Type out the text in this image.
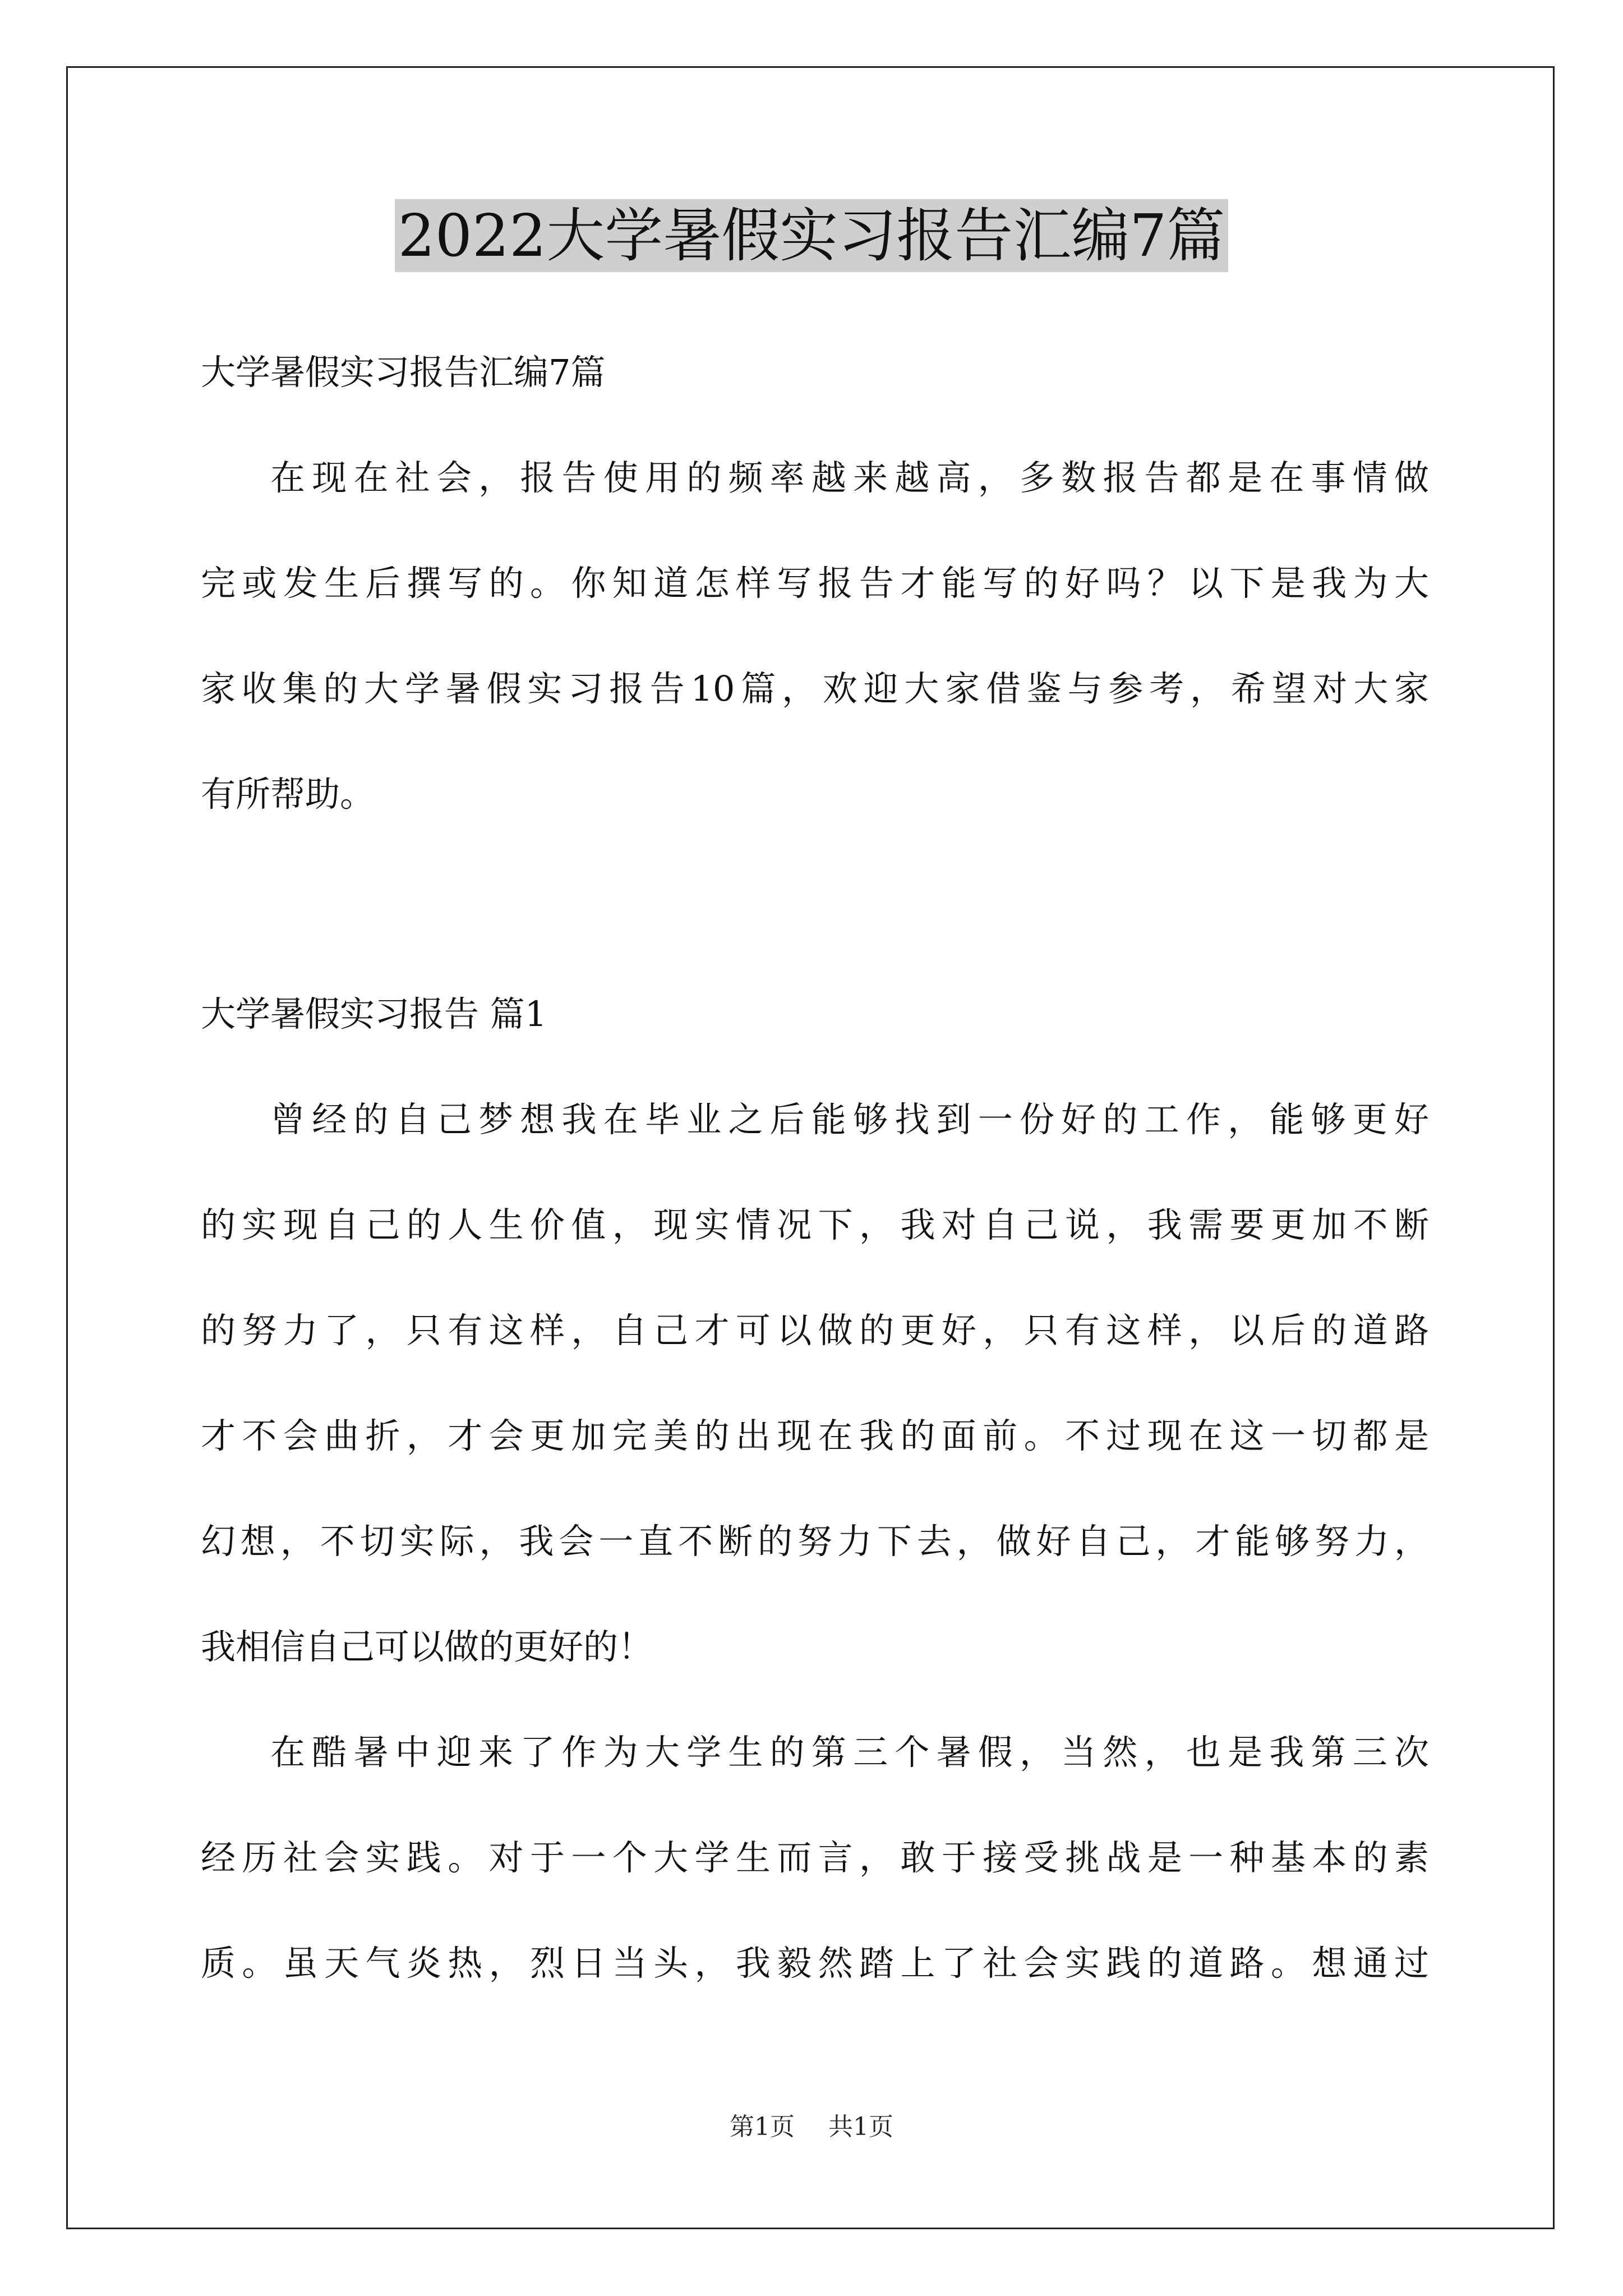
2022大学暑假实习报告汇编7篇
大学暑假实习报告汇编7篇
在现在社会，报告使用的频率越来越高，多数报告都是在事情做
完或发生后撰写的。你知道怎样写报告才能写的好吗？以下是我为大
家收集的大学暑假实习报告10篇，欢迎大家借鉴与参考，希望对大家
有所帮助。
大学暑假实习报告 篇1
曾经的自己梦想我在毕业之后能够找到一份好的工作，能够更好
的实现自己的人生价值，现实情况下，我对自己说，我需要更加不断
的努力了，只有这样，自己才可以做的更好，只有这样，以后的道路
才不会曲折，才会更加完美的出现在我的面前。不过现在这一切都是
幻想，不切实际，我会一直不断的努力下去，做好自己，才能够努力，
我相信自己可以做的更好的！
在酷暑中迎来了作为大学生的第三个暑假，当然，也是我第三次
经历社会实践。对于一个大学生而言，敢于接受挑战是一种基本的素
质。虽天气炎热，烈日当头，我毅然踏上了社会实践的道路。想通过
第1页 共1页
